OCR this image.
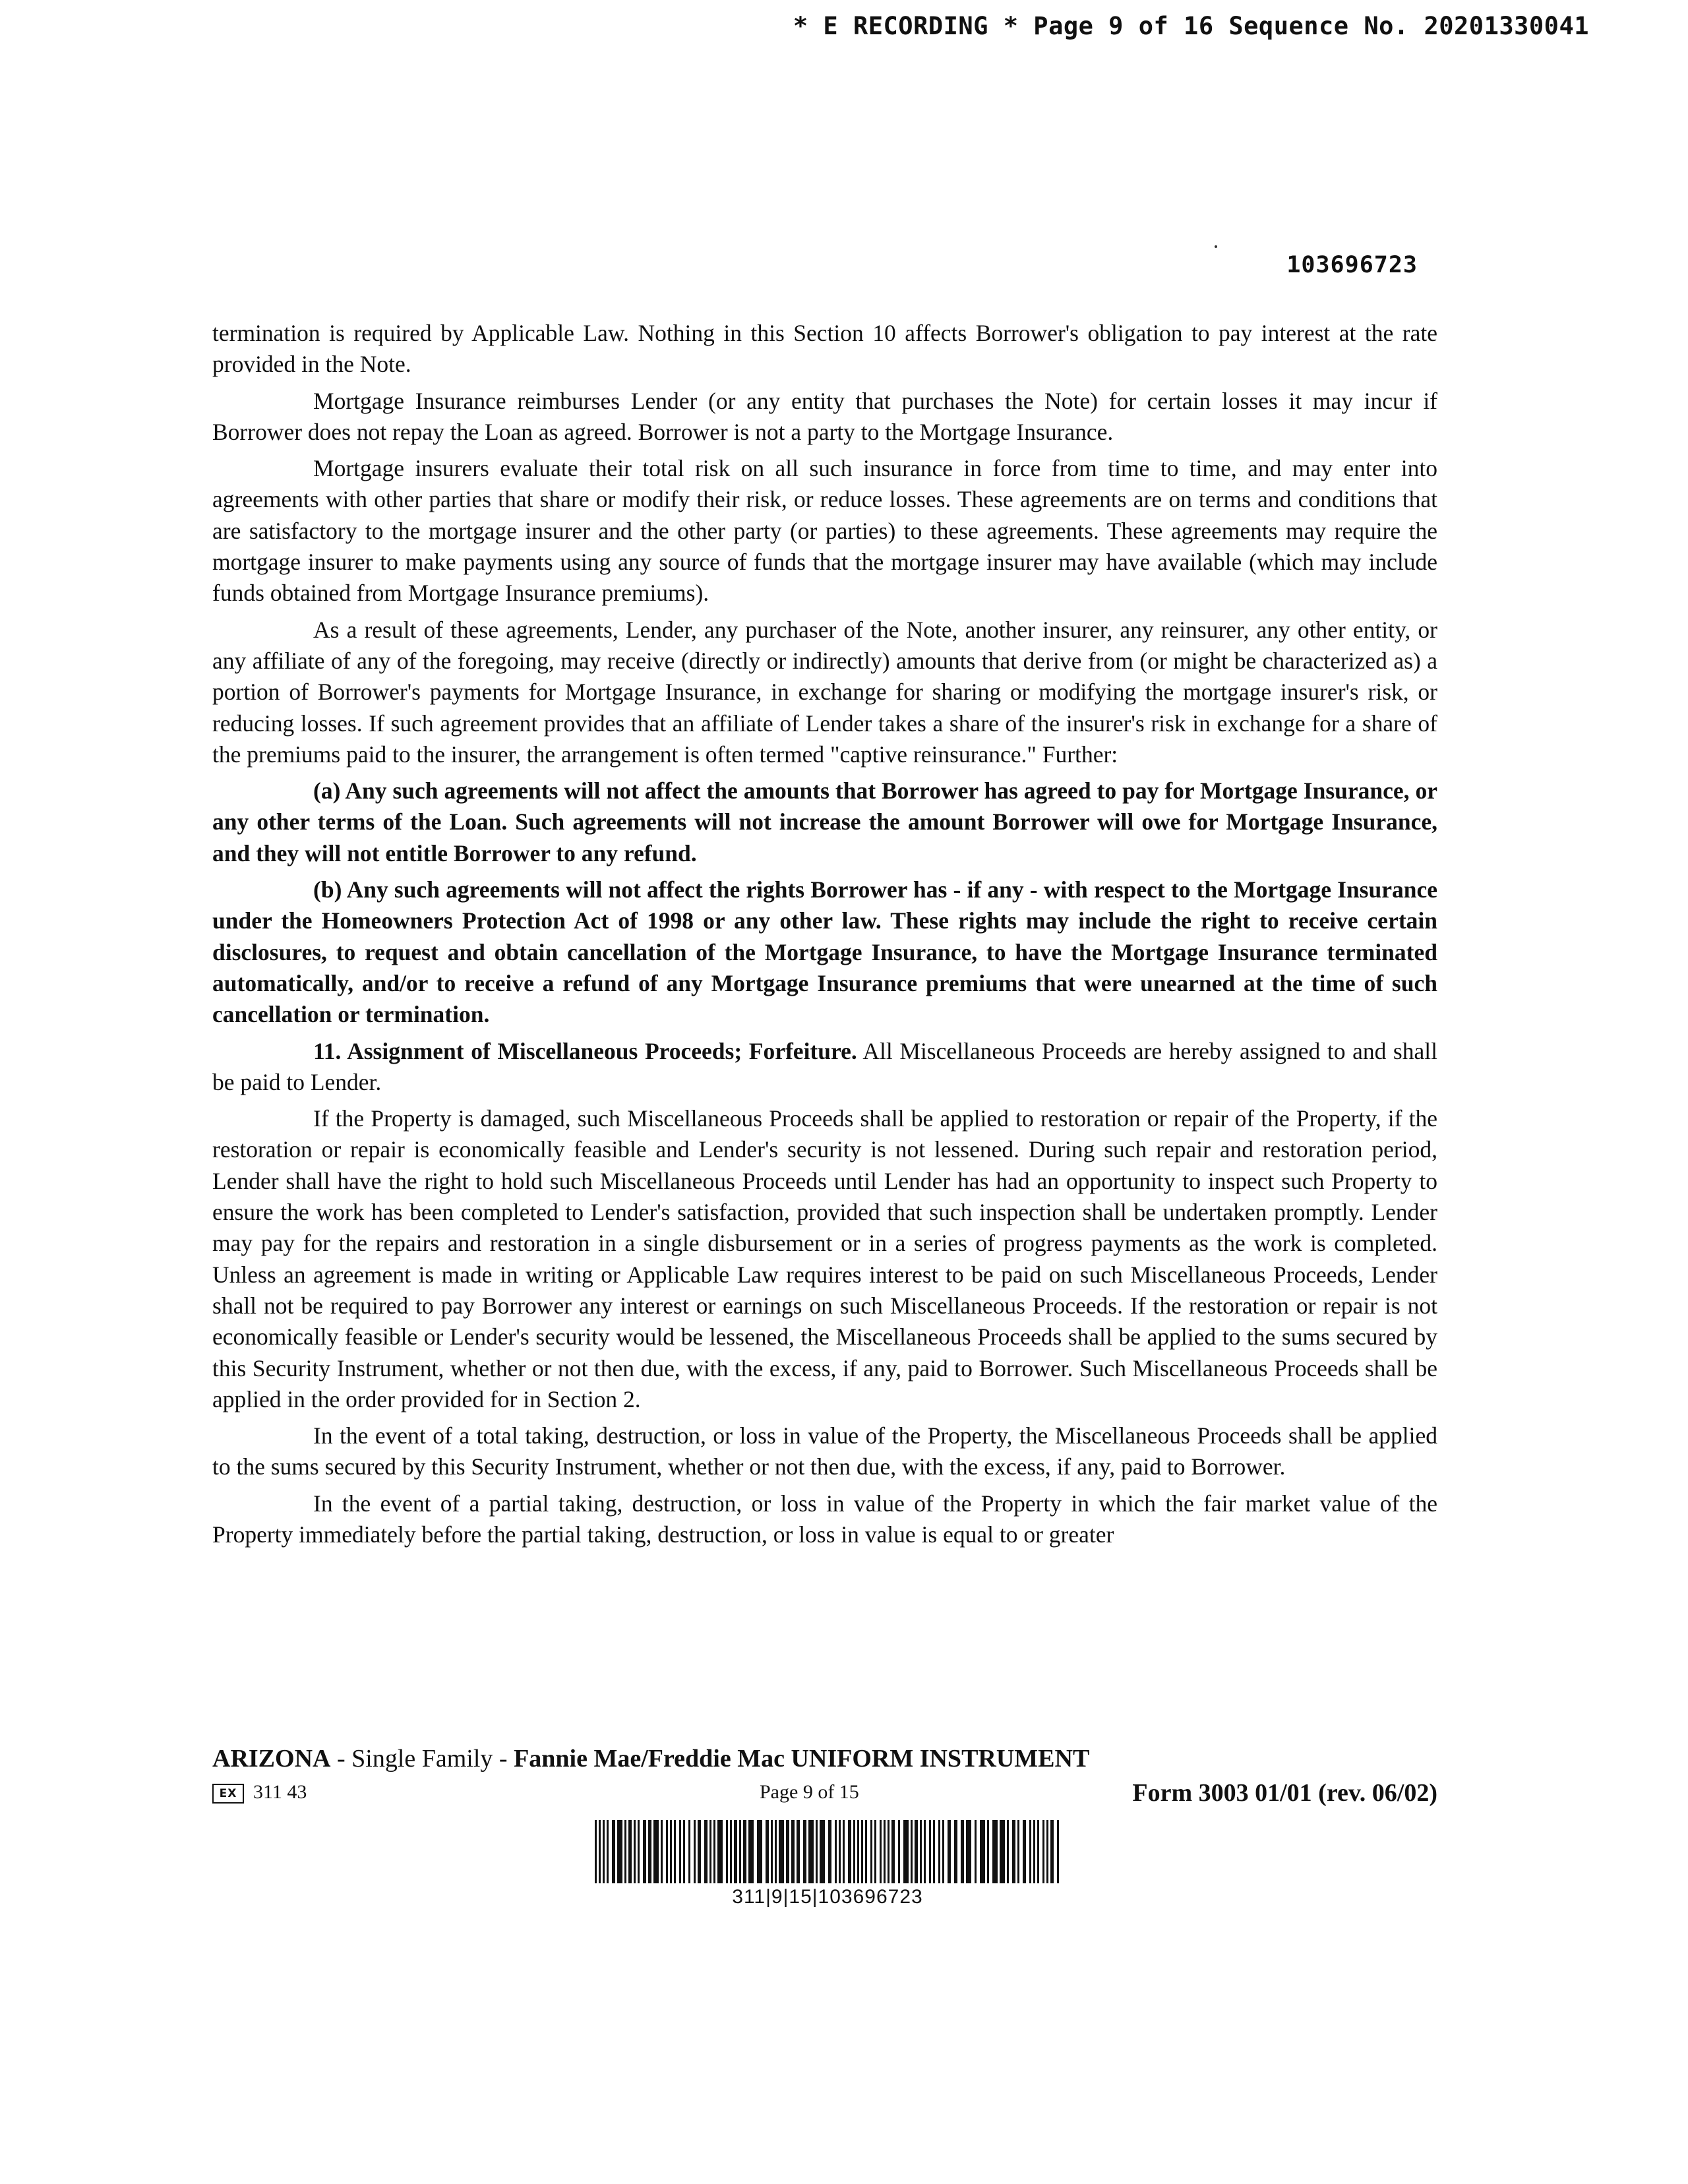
* E RECORDING * Page 9 of 16 Sequence No. 20201330041
103696723

termination is required by Applicable Law. Nothing in this Section 10 affects Borrower's obligation to pay interest at the rate provided in the Note.

Mortgage Insurance reimburses Lender (or any entity that purchases the Note) for certain losses it may incur if Borrower does not repay the Loan as agreed. Borrower is not a party to the Mortgage Insurance.

Mortgage insurers evaluate their total risk on all such insurance in force from time to time, and may enter into agreements with other parties that share or modify their risk, or reduce losses. These agreements are on terms and conditions that are satisfactory to the mortgage insurer and the other party (or parties) to these agreements. These agreements may require the mortgage insurer to make payments using any source of funds that the mortgage insurer may have available (which may include funds obtained from Mortgage Insurance premiums).

As a result of these agreements, Lender, any purchaser of the Note, another insurer, any reinsurer, any other entity, or any affiliate of any of the foregoing, may receive (directly or indirectly) amounts that derive from (or might be characterized as) a portion of Borrower's payments for Mortgage Insurance, in exchange for sharing or modifying the mortgage insurer's risk, or reducing losses. If such agreement provides that an affiliate of Lender takes a share of the insurer's risk in exchange for a share of the premiums paid to the insurer, the arrangement is often termed "captive reinsurance." Further:

(a) Any such agreements will not affect the amounts that Borrower has agreed to pay for Mortgage Insurance, or any other terms of the Loan. Such agreements will not increase the amount Borrower will owe for Mortgage Insurance, and they will not entitle Borrower to any refund.

(b) Any such agreements will not affect the rights Borrower has - if any - with respect to the Mortgage Insurance under the Homeowners Protection Act of 1998 or any other law. These rights may include the right to receive certain disclosures, to request and obtain cancellation of the Mortgage Insurance, to have the Mortgage Insurance terminated automatically, and/or to receive a refund of any Mortgage Insurance premiums that were unearned at the time of such cancellation or termination.

11. Assignment of Miscellaneous Proceeds; Forfeiture. All Miscellaneous Proceeds are hereby assigned to and shall be paid to Lender.

If the Property is damaged, such Miscellaneous Proceeds shall be applied to restoration or repair of the Property, if the restoration or repair is economically feasible and Lender's security is not lessened. During such repair and restoration period, Lender shall have the right to hold such Miscellaneous Proceeds until Lender has had an opportunity to inspect such Property to ensure the work has been completed to Lender's satisfaction, provided that such inspection shall be undertaken promptly. Lender may pay for the repairs and restoration in a single disbursement or in a series of progress payments as the work is completed. Unless an agreement is made in writing or Applicable Law requires interest to be paid on such Miscellaneous Proceeds, Lender shall not be required to pay Borrower any interest or earnings on such Miscellaneous Proceeds. If the restoration or repair is not economically feasible or Lender's security would be lessened, the Miscellaneous Proceeds shall be applied to the sums secured by this Security Instrument, whether or not then due, with the excess, if any, paid to Borrower. Such Miscellaneous Proceeds shall be applied in the order provided for in Section 2.

In the event of a total taking, destruction, or loss in value of the Property, the Miscellaneous Proceeds shall be applied to the sums secured by this Security Instrument, whether or not then due, with the excess, if any, paid to Borrower.

In the event of a partial taking, destruction, or loss in value of the Property in which the fair market value of the Property immediately before the partial taking, destruction, or loss in value is equal to or greater

ARIZONA - Single Family - Fannie Mae/Freddie Mac UNIFORM INSTRUMENT
EX 311 43	Page 9 of 15	Form 3003 01/01 (rev. 06/02)
311|9|15|103696723
